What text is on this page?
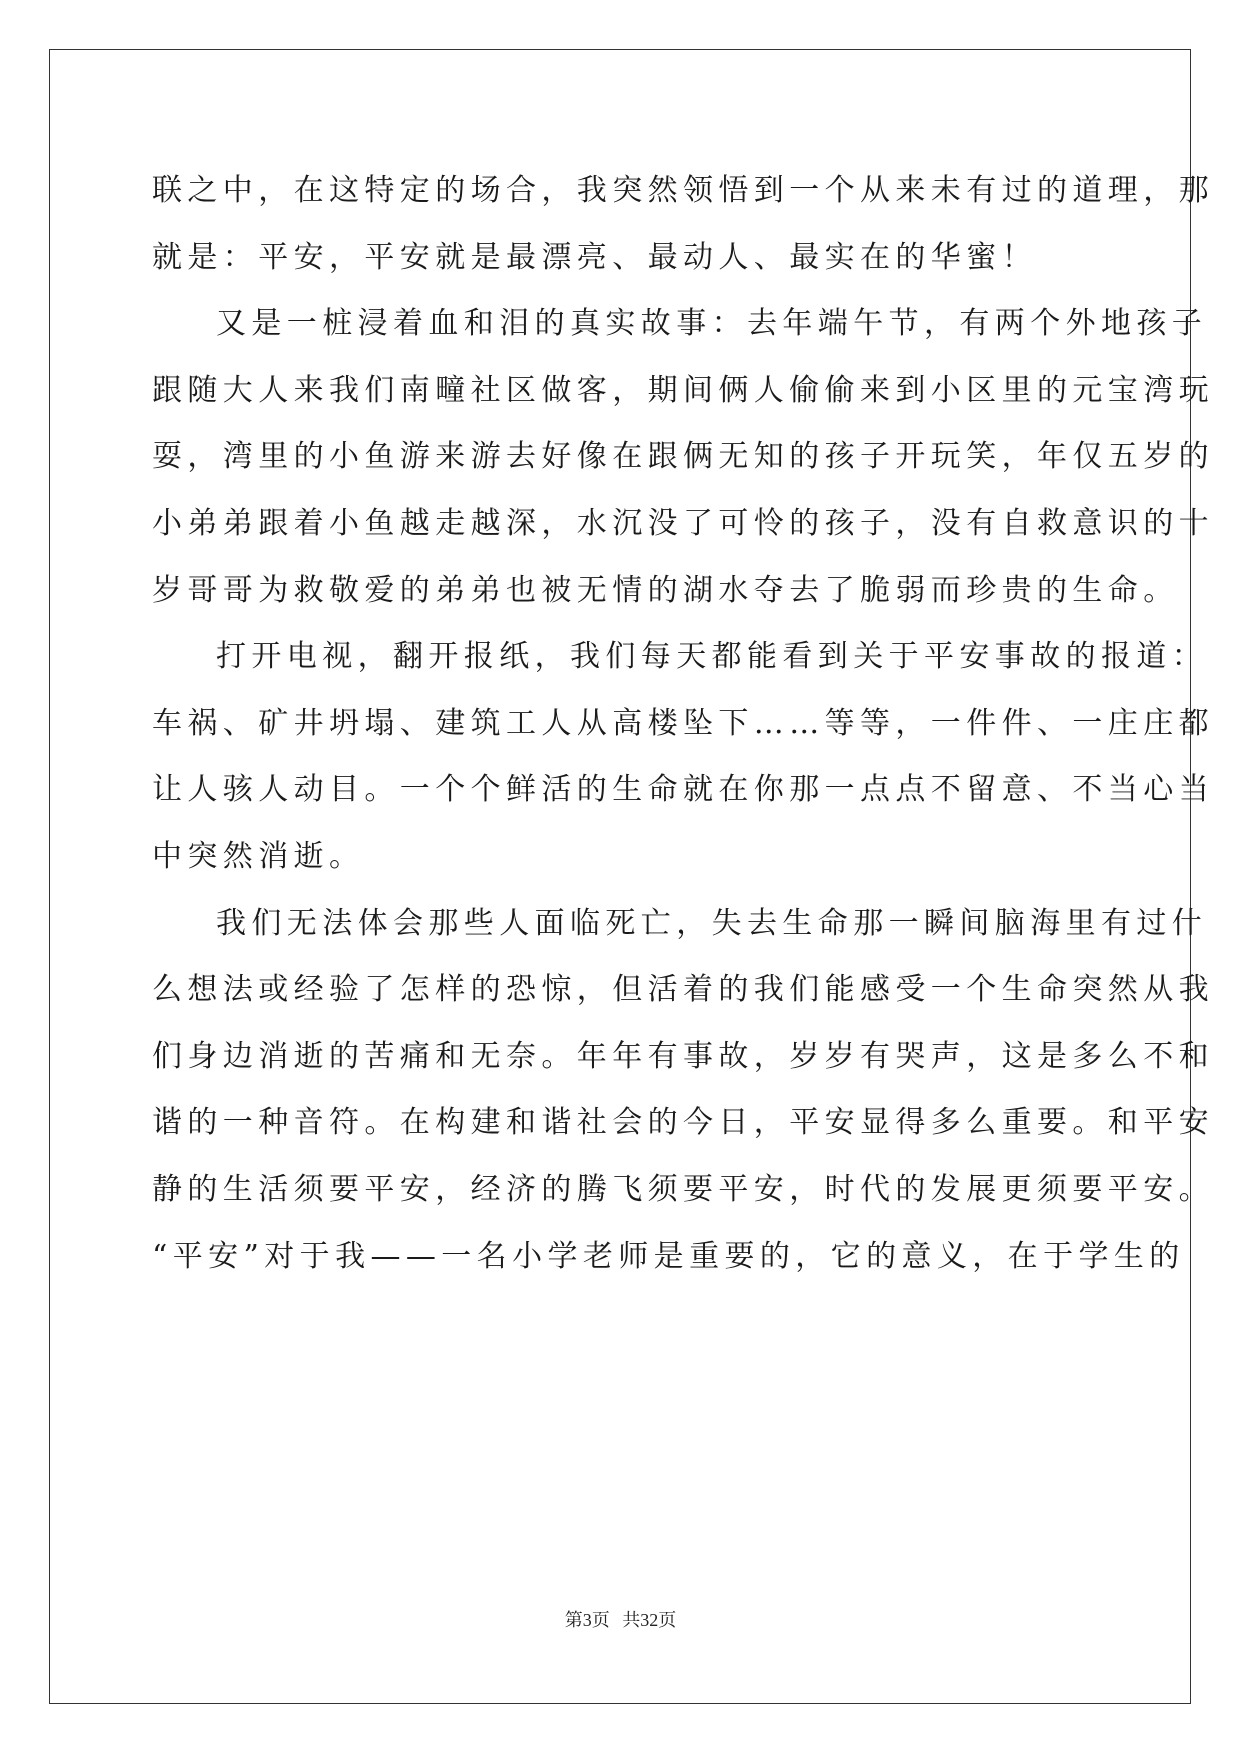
联之中，在这特定的场合，我突然领悟到一个从来未有过的道理，那
就是：平安，平安就是最漂亮、最动人、最实在的华蜜！
又是一桩浸着血和泪的真实故事：去年端午节，有两个外地孩子
跟随大人来我们南疃社区做客，期间俩人偷偷来到小区里的元宝湾玩
耍，湾里的小鱼游来游去好像在跟俩无知的孩子开玩笑，年仅五岁的
小弟弟跟着小鱼越走越深，水沉没了可怜的孩子，没有自救意识的十
岁哥哥为救敬爱的弟弟也被无情的湖水夺去了脆弱而珍贵的生命。
打开电视，翻开报纸，我们每天都能看到关于平安事故的报道：
车祸、矿井坍塌、建筑工人从高楼坠下……等等，一件件、一庄庄都
让人骇人动目。一个个鲜活的生命就在你那一点点不留意、不当心当
中突然消逝。
我们无法体会那些人面临死亡，失去生命那一瞬间脑海里有过什
么想法或经验了怎样的恐惊，但活着的我们能感受一个生命突然从我
们身边消逝的苦痛和无奈。年年有事故，岁岁有哭声，这是多么不和
谐的一种音符。在构建和谐社会的今日，平安显得多么重要。和平安
静的生活须要平安，经济的腾飞须要平安，时代的发展更须要平安。
“平安”对于我——一名小学老师是重要的，它的意义，在于学生的
第3页 共32页
